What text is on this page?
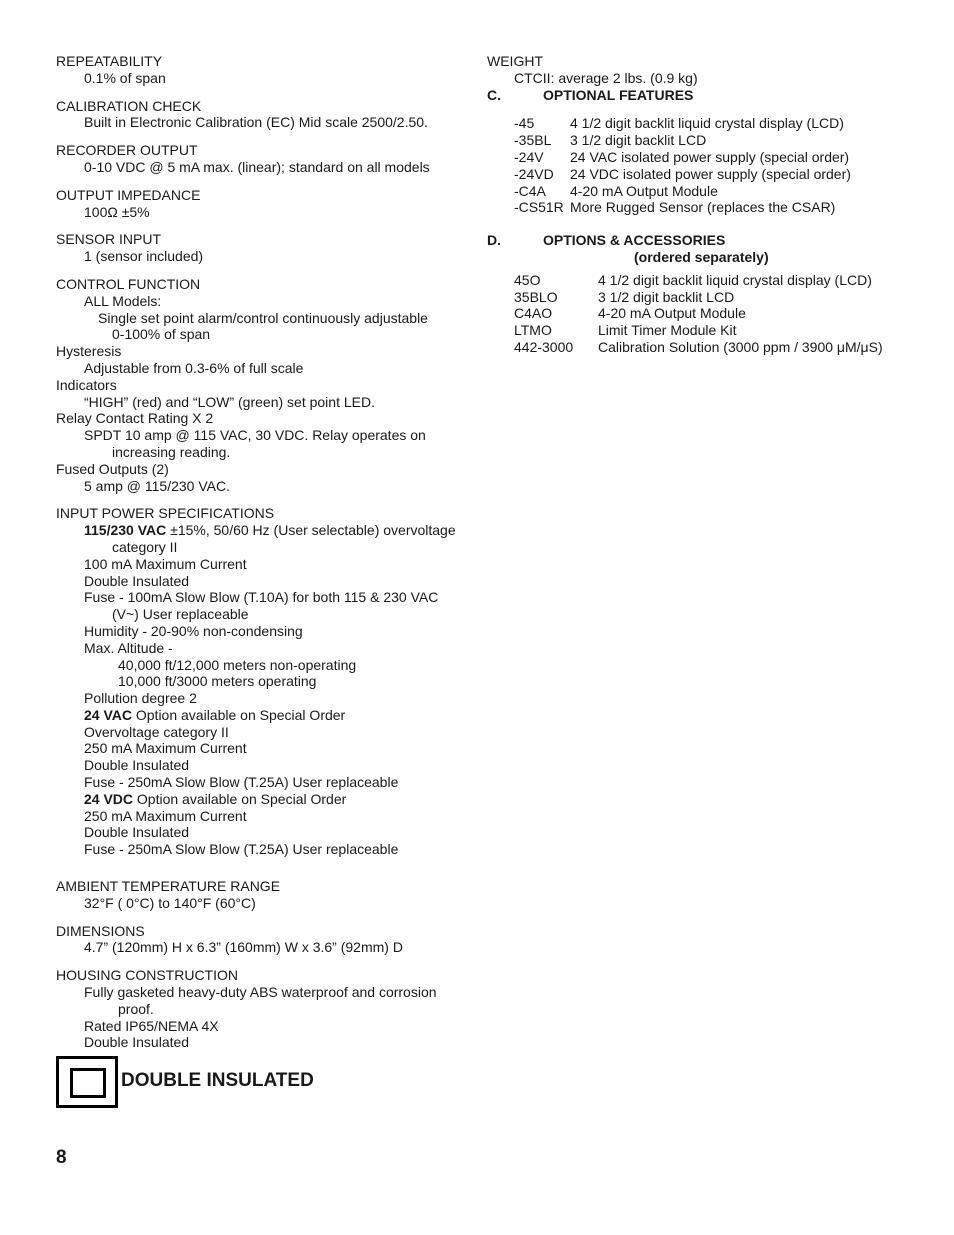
REPEATABILITY

0.1% of span

CALIBRATION CHECK

Built in Electronic Calibration (EC) Mid scale 2500/2.50.

RECORDER OUTPUT

0-10 VDC @ 5 mA max. (linear); standard on all models

OUTPUT IMPEDANCE

100Ω ±5%

SENSOR INPUT

1 (sensor included)

CONTROL FUNCTION

ALL Models:

Single set point alarm/control continuously adjustable

0-100% of span

Hysteresis

Adjustable from 0.3-6% of full scale

Indicators

“HIGH” (red) and “LOW” (green) set point LED.

Relay Contact Rating X 2

SPDT 10 amp @ 115 VAC, 30 VDC. Relay operates on

increasing reading.

Fused Outputs (2)

5 amp @ 115/230 VAC.

INPUT POWER SPECIFICATIONS

115/230 VAC ±15%, 50/60 Hz (User selectable) overvoltage

category II

100 mA Maximum Current

Double Insulated

Fuse - 100mA Slow Blow (T.10A) for both 115 & 230 VAC

(V~) User replaceable

Humidity - 20-90% non-condensing

Max. Altitude -

40,000 ft/12,000 meters non-operating

10,000 ft/3000 meters operating

Pollution degree 2

24 VAC Option available on Special Order

Overvoltage category II

250 mA Maximum Current

Double Insulated

Fuse - 250mA Slow Blow (T.25A) User replaceable

24 VDC Option available on Special Order

250 mA Maximum Current

Double Insulated

Fuse - 250mA Slow Blow (T.25A) User replaceable

AMBIENT TEMPERATURE RANGE

32°F ( 0°C) to 140°F (60°C)

DIMENSIONS

4.7” (120mm) H x 6.3” (160mm) W x 3.6” (92mm) D

HOUSING CONSTRUCTION

Fully gasketed heavy-duty ABS waterproof and corrosion

proof.

Rated IP65/NEMA 4X

Double Insulated

WEIGHT

CTCII: average 2 lbs. (0.9 kg)

C.	OPTIONAL FEATURES
-45	4 1/2 digit backlit liquid crystal display (LCD)
-35BL	3 1/2 digit backlit LCD
-24V	24 VAC isolated power supply (special order)
-24VD	24 VDC isolated power supply (special order)
-C4A	4-20 mA Output Module
-CS51R More Rugged Sensor (replaces the CSAR)
D.	OPTIONS & ACCESSORIES

(ordered separately)

45O	4 1/2 digit backlit liquid crystal display (LCD)
35BLO	3 1/2 digit backlit LCD
C4AO	4-20 mA Output Module
LTMO	Limit Timer Module Kit
442-3000	Calibration Solution (3000 ppm / 3900 μM/μS)
DOUBLE INSULATED
8
